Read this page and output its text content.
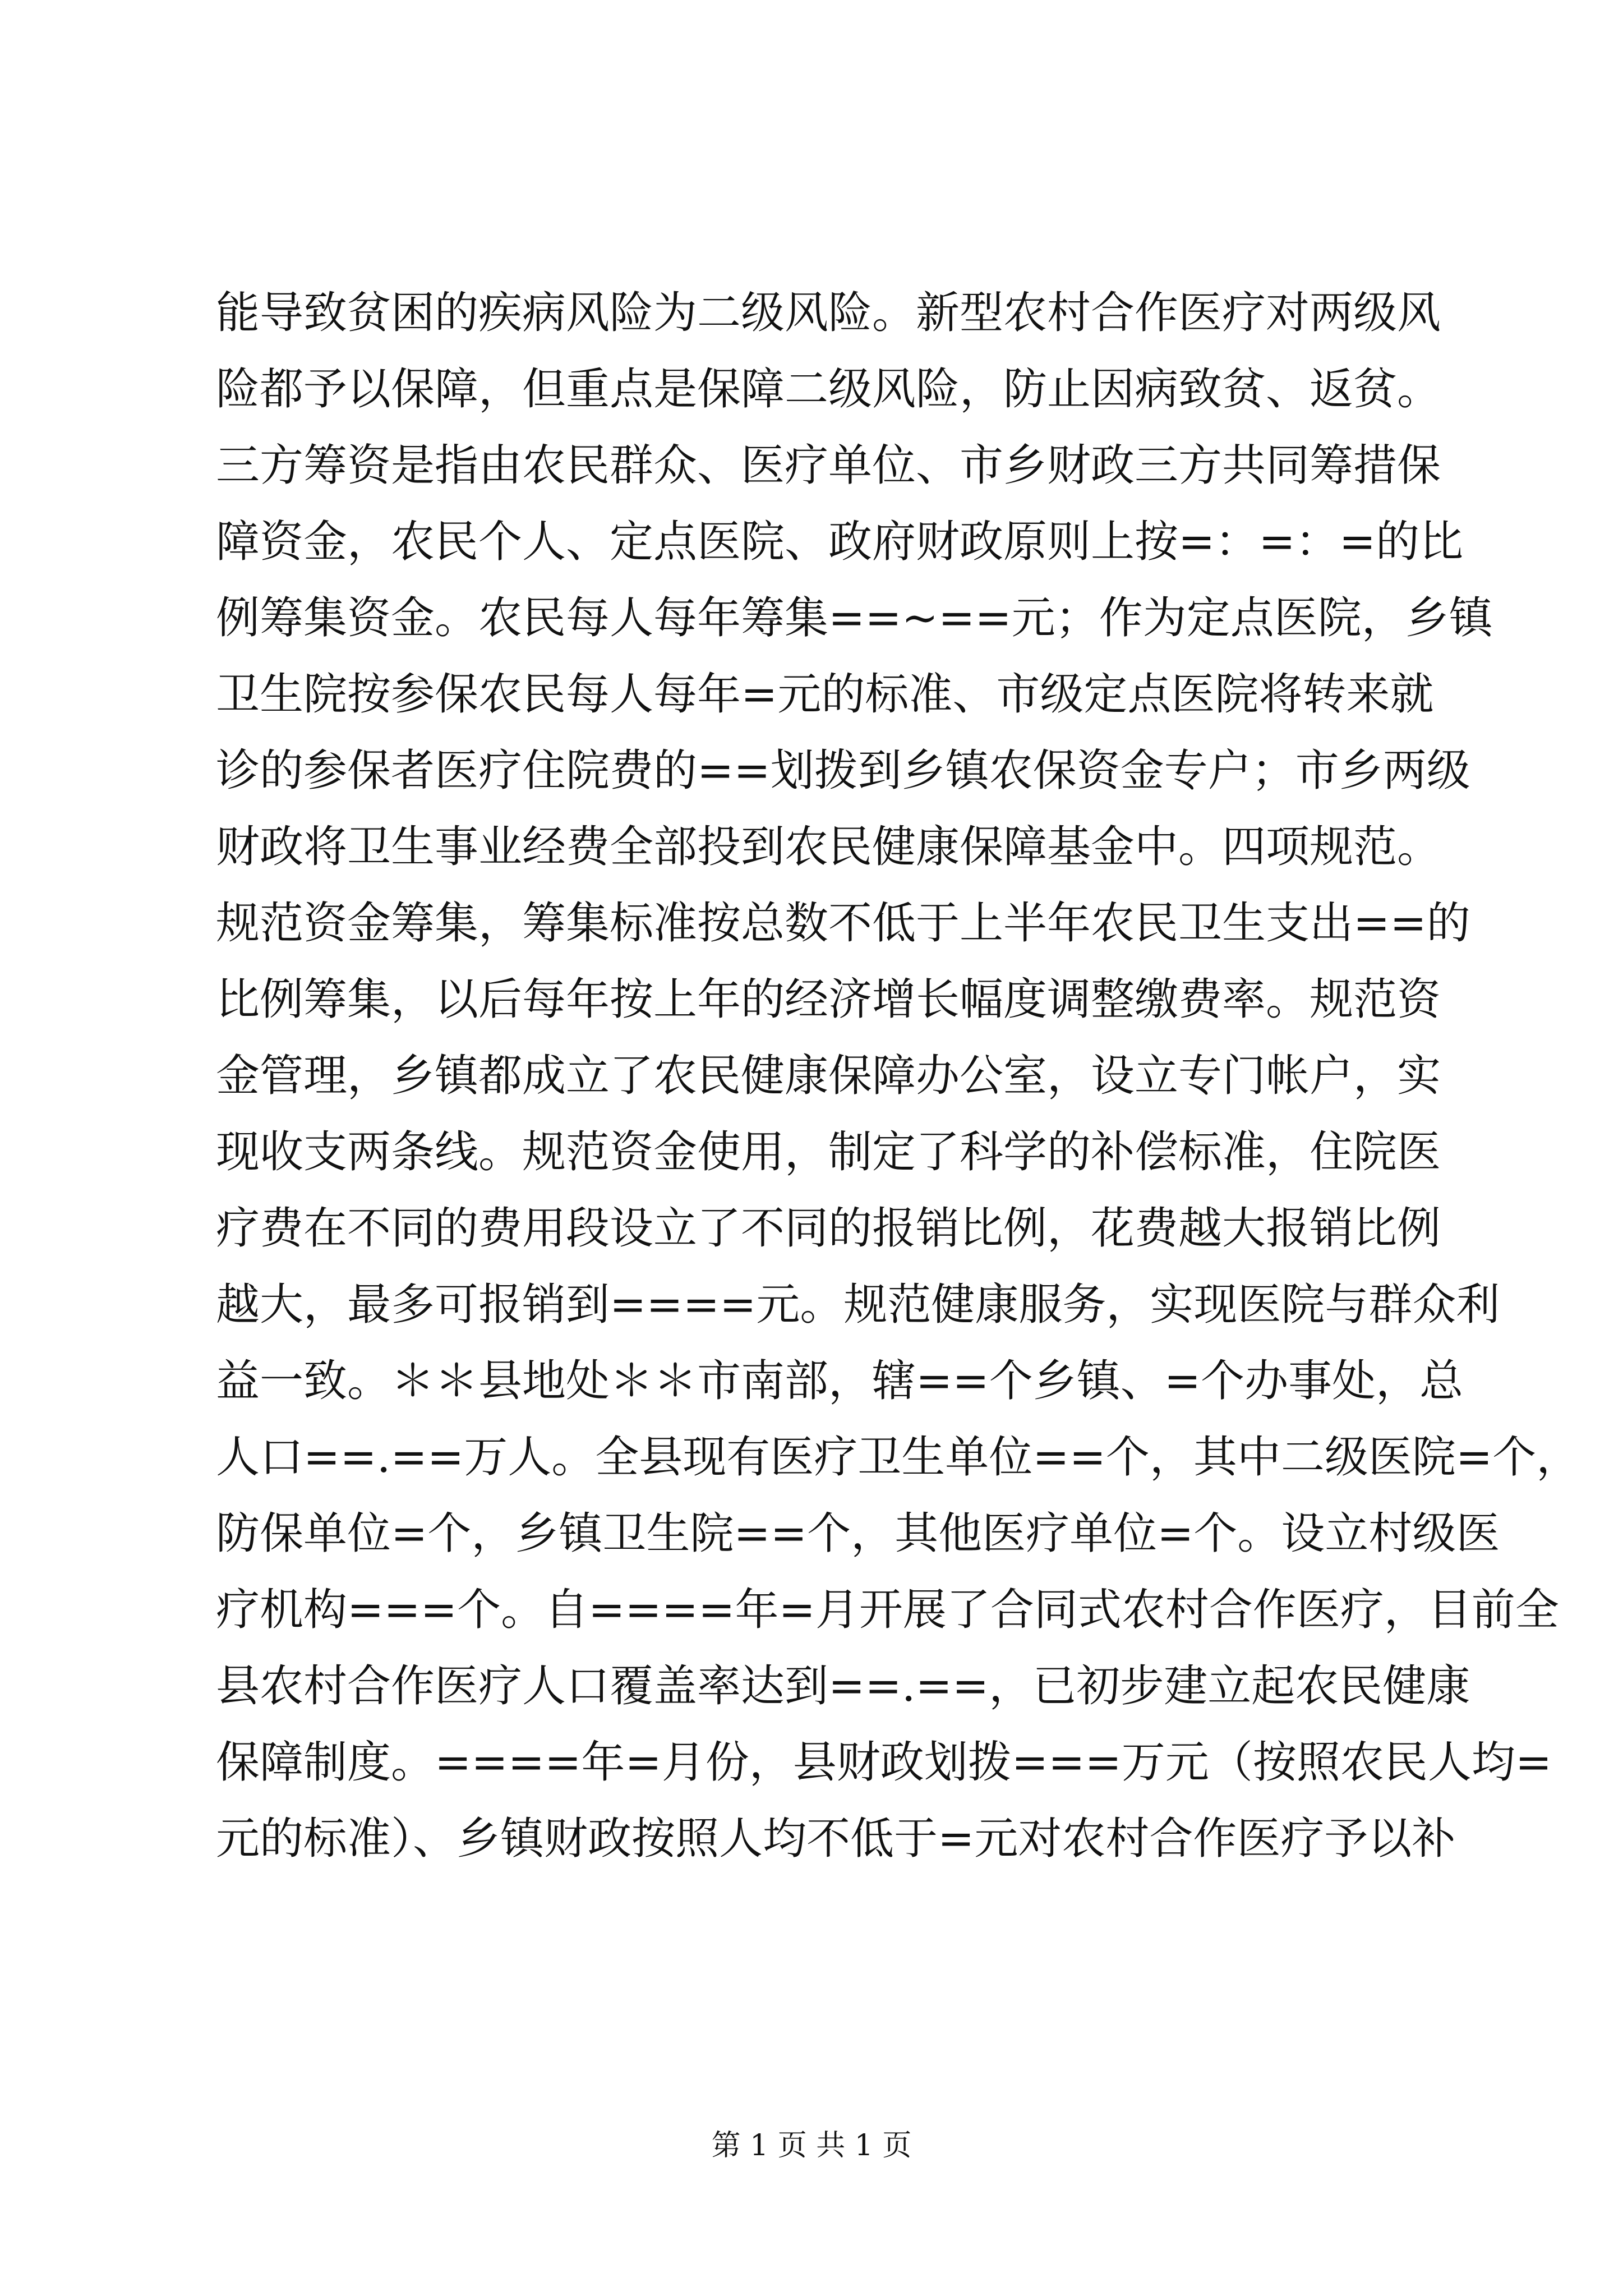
能导致贫困的疾病风险为二级风险。新型农村合作医疗对两级风
险都予以保障，但重点是保障二级风险，防止因病致贫、返贫。
三方筹资是指由农民群众、医疗单位、市乡财政三方共同筹措保
障资金，农民个人、定点医院、政府财政原则上按=：=：=的比
例筹集资金。农民每人每年筹集==~==元；作为定点医院，乡镇
卫生院按参保农民每人每年=元的标准、市级定点医院将转来就
诊的参保者医疗住院费的==划拨到乡镇农保资金专户；市乡两级
财政将卫生事业经费全部投到农民健康保障基金中。四项规范。
规范资金筹集，筹集标准按总数不低于上半年农民卫生支出==的
比例筹集，以后每年按上年的经济增长幅度调整缴费率。规范资
金管理，乡镇都成立了农民健康保障办公室，设立专门帐户，实
现收支两条线。规范资金使用，制定了科学的补偿标准，住院医
疗费在不同的费用段设立了不同的报销比例，花费越大报销比例
越大，最多可报销到====元。规范健康服务，实现医院与群众利
益一致。＊＊县地处＊＊市南部，辖==个乡镇、=个办事处，总
人口==.==万人。全县现有医疗卫生单位==个，其中二级医院=个，
防保单位=个，乡镇卫生院==个，其他医疗单位=个。设立村级医
疗机构===个。自====年=月开展了合同式农村合作医疗，目前全
县农村合作医疗人口覆盖率达到==.==，已初步建立起农民健康
保障制度。====年=月份，县财政划拨===万元（按照农民人均=
元的标准）、乡镇财政按照人均不低于=元对农村合作医疗予以补
第 1 页 共 1 页
